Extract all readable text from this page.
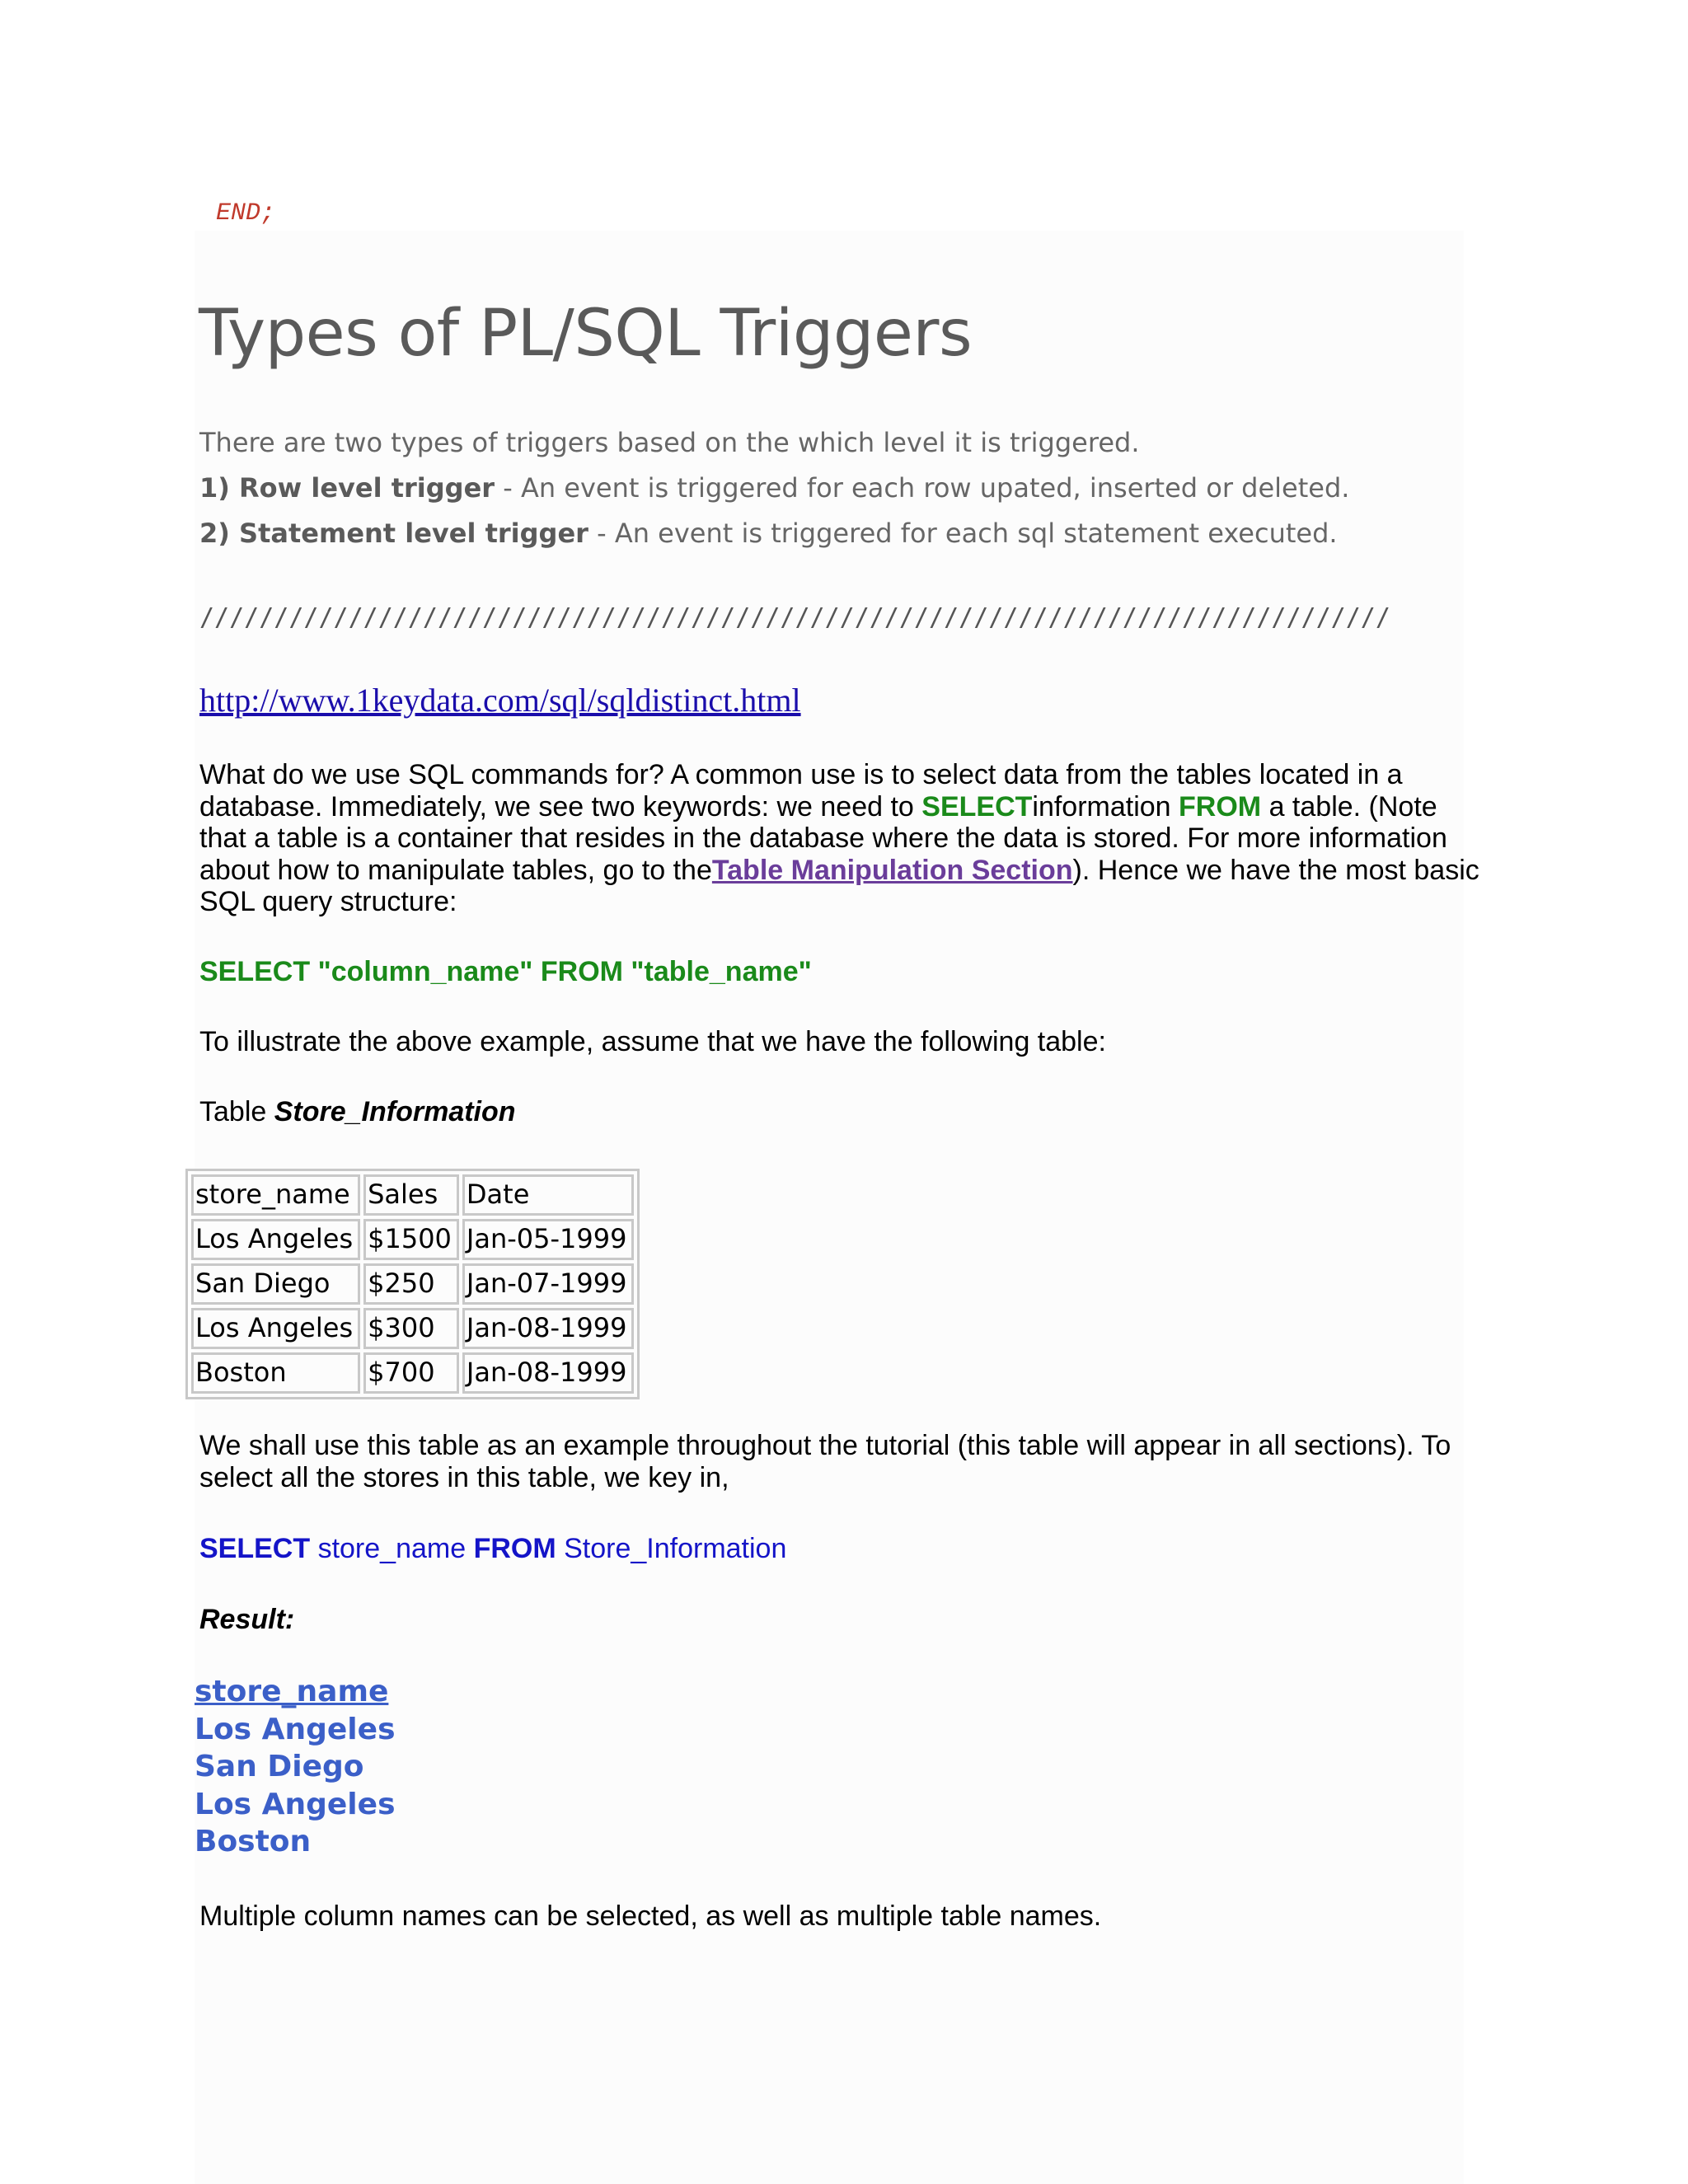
END;
Types of PL/SQL Triggers
There are two types of triggers based on the which level it is triggered.
1) Row level trigger - An event is triggered for each row upated, inserted or deleted.
2) Statement level trigger - An event is triggered for each sql statement executed.
////////////////////////////////////////////////////////////////////////////////
http://www.1keydata.com/sql/sqldistinct.html
What do we use SQL commands for? A common use is to select data from the tables located in a database. Immediately, we see two keywords: we need to SELECTinformation FROM a table. (Note that a table is a container that resides in the database where the data is stored. For more information about how to manipulate tables, go to theTable Manipulation Section). Hence we have the most basic SQL query structure:
SELECT "column_name" FROM "table_name"
To illustrate the above example, assume that we have the following table:
Table Store_Information
store_name	Sales	Date
Los Angeles	$1500	Jan-05-1999
San Diego	$250	Jan-07-1999
Los Angeles	$300	Jan-08-1999
Boston	$700	Jan-08-1999
We shall use this table as an example throughout the tutorial (this table will appear in all sections). To select all the stores in this table, we key in,
SELECT store_name FROM Store_Information
Result:
store_name
Los Angeles
San Diego
Los Angeles
Boston
Multiple column names can be selected, as well as multiple table names.
